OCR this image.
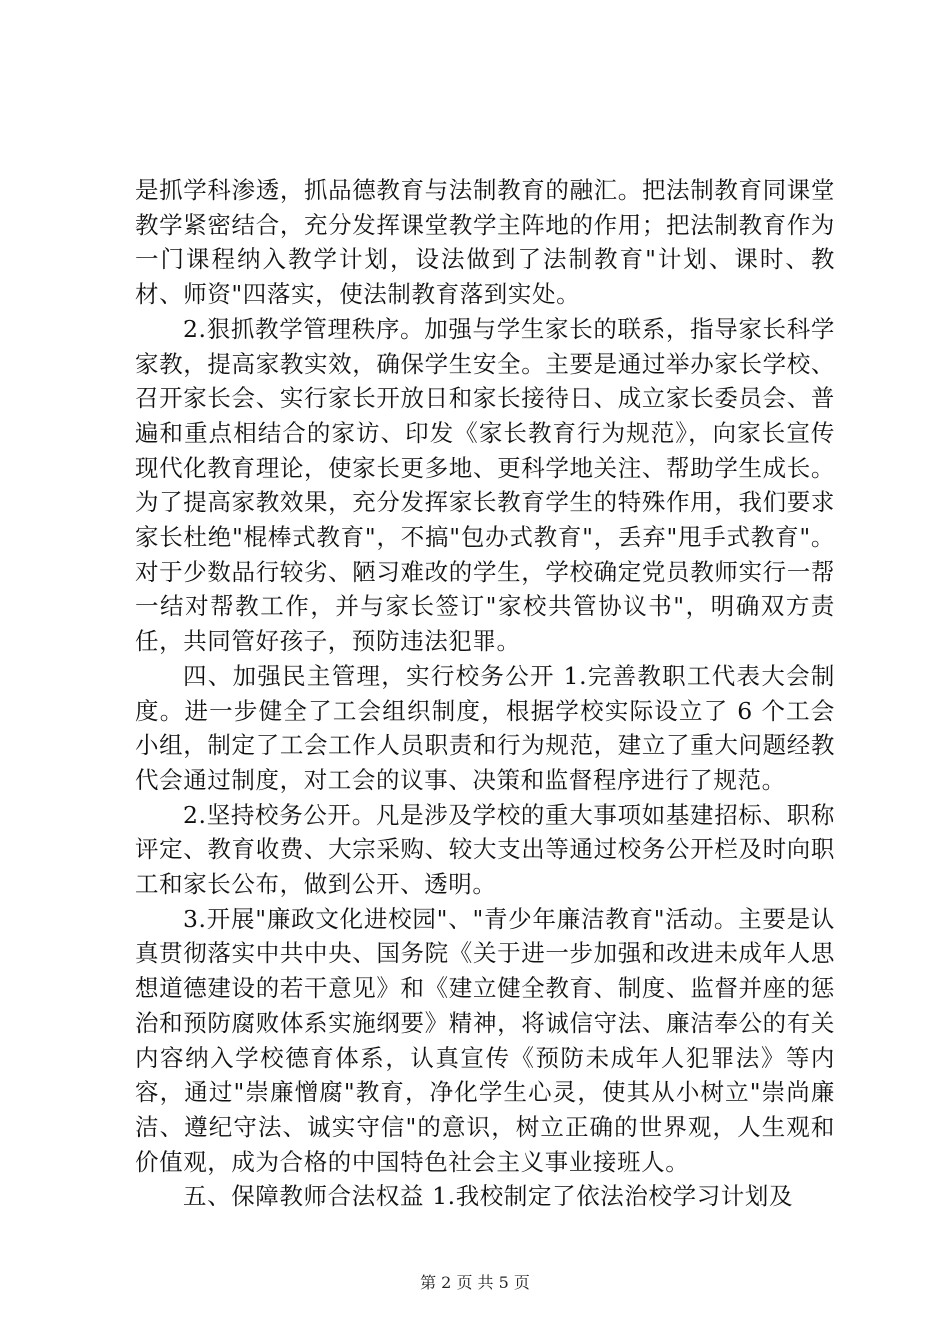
是抓学科渗透，抓品德教育与法制教育的融汇。把法制教育同课堂教学紧密结合，充分发挥课堂教学主阵地的作用；把法制教育作为一门课程纳入教学计划，设法做到了法制教育"计划、课时、教材、师资"四落实，使法制教育落到实处。

2.狠抓教学管理秩序。加强与学生家长的联系，指导家长科学家教，提高家教实效，确保学生安全。主要是通过举办家长学校、召开家长会、实行家长开放日和家长接待日、成立家长委员会、普遍和重点相结合的家访、印发《家长教育行为规范》，向家长宣传现代化教育理论，使家长更多地、更科学地关注、帮助学生成长。为了提高家教效果，充分发挥家长教育学生的特殊作用，我们要求家长杜绝"棍棒式教育"，不搞"包办式教育"，丢弃"甩手式教育"。对于少数品行较劣、陋习难改的学生，学校确定党员教师实行一帮一结对帮教工作，并与家长签订"家校共管协议书"，明确双方责任，共同管好孩子，预防违法犯罪。

四、加强民主管理，实行校务公开 1.完善教职工代表大会制度。进一步健全了工会组织制度，根据学校实际设立了 6 个工会小组，制定了工会工作人员职责和行为规范，建立了重大问题经教代会通过制度，对工会的议事、决策和监督程序进行了规范。

2.坚持校务公开。凡是涉及学校的重大事项如基建招标、职称评定、教育收费、大宗采购、较大支出等通过校务公开栏及时向职工和家长公布，做到公开、透明。

3.开展"廉政文化进校园"、"青少年廉洁教育"活动。主要是认真贯彻落实中共中央、国务院《关于进一步加强和改进未成年人思想道德建设的若干意见》和《建立健全教育、制度、监督并座的惩治和预防腐败体系实施纲要》精神，将诚信守法、廉洁奉公的有关内容纳入学校德育体系，认真宣传《预防未成年人犯罪法》等内容，通过"崇廉憎腐"教育，净化学生心灵，使其从小树立"崇尚廉洁、遵纪守法、诚实守信"的意识，树立正确的世界观，人生观和价值观，成为合格的中国特色社会主义事业接班人。

五、保障教师合法权益 1.我校制定了依法治校学习计划及

第 2 页 共 5 页
